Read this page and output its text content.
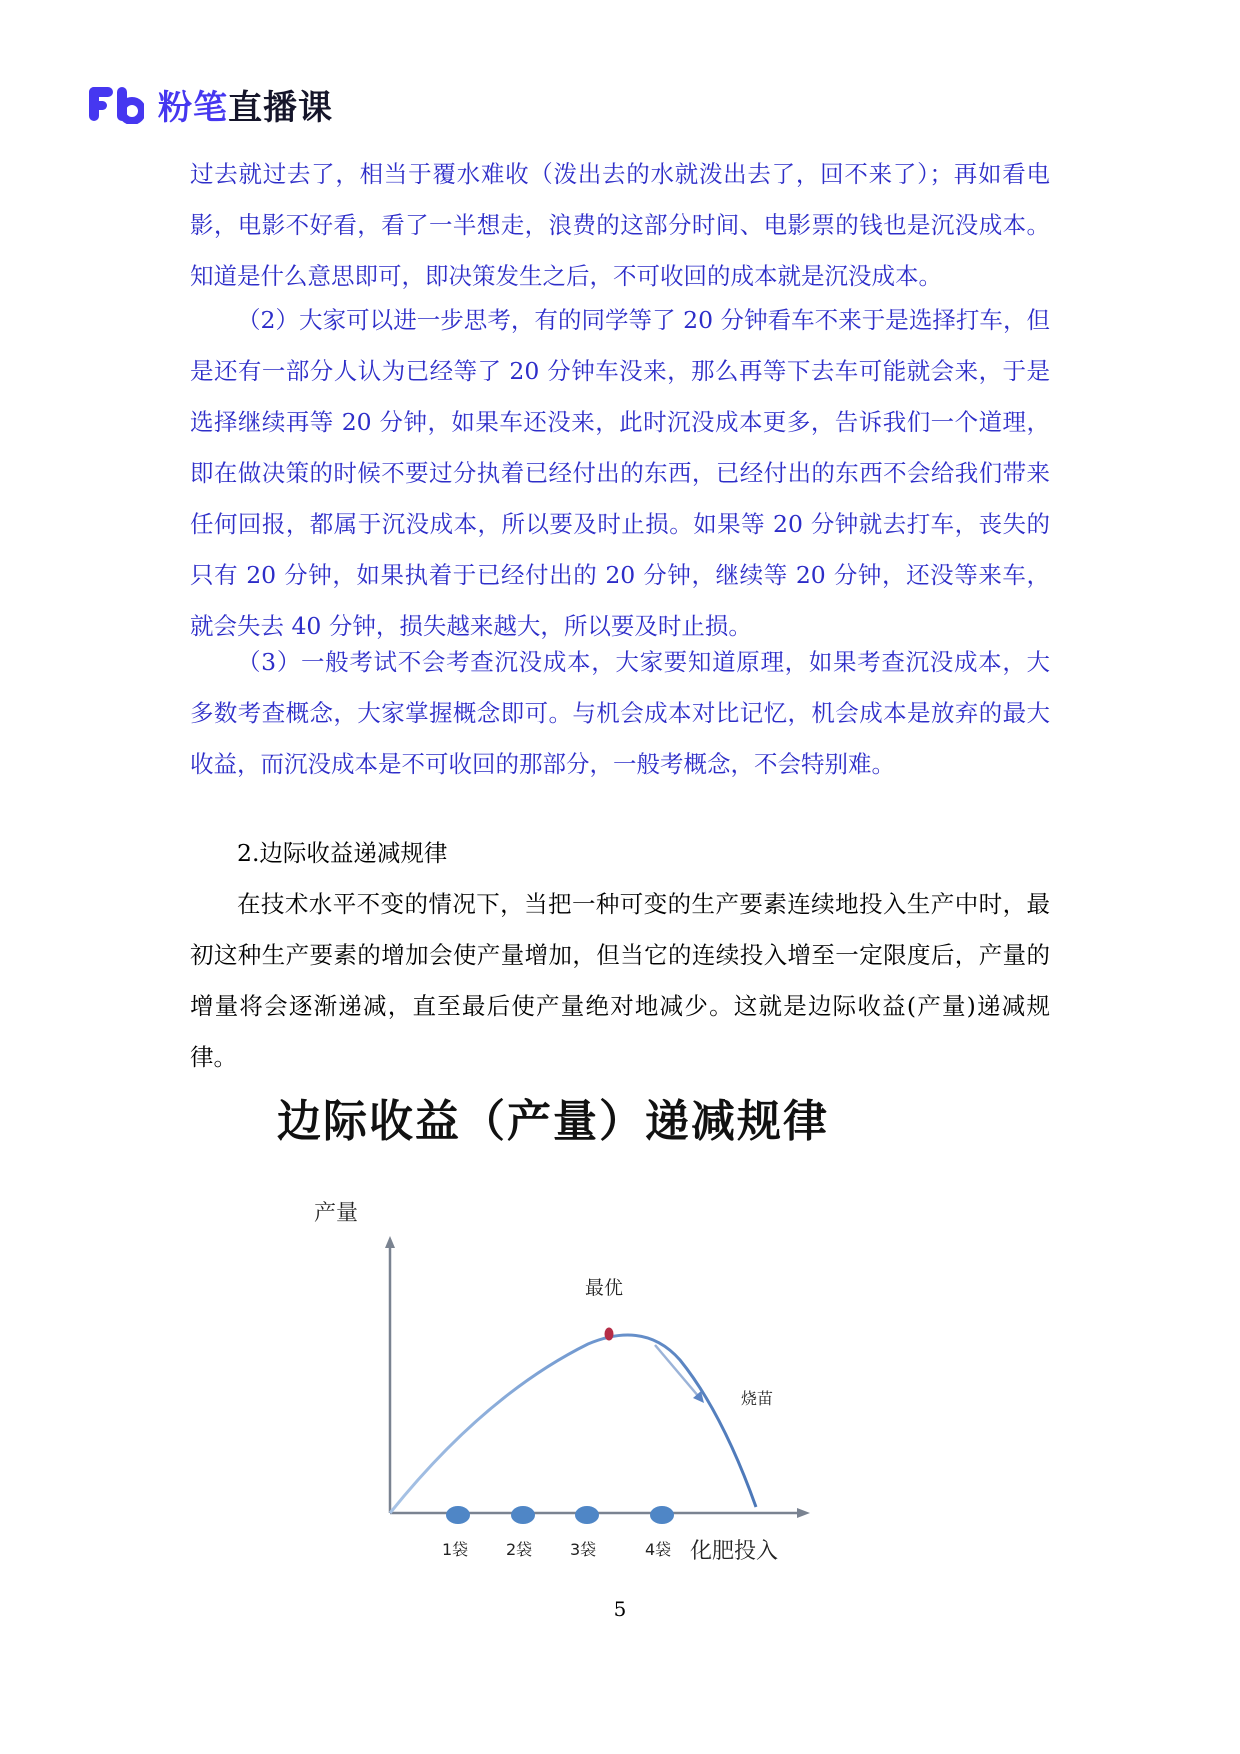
粉笔 直播课

过去就过去了，相当于覆水难收（泼出去的水就泼出去了，回不来了）；再如看电影，电影不好看，看了一半想走，浪费的这部分时间、电影票的钱也是沉没成本。知道是什么意思即可，即决策发生之后，不可收回的成本就是沉没成本。

（2）大家可以进一步思考，有的同学等了 20 分钟看车不来于是选择打车，但是还有一部分人认为已经等了 20 分钟车没来，那么再等下去车可能就会来，于是选择继续再等 20 分钟，如果车还没来，此时沉没成本更多，告诉我们一个道理，即在做决策的时候不要过分执着已经付出的东西，已经付出的东西不会给我们带来任何回报，都属于沉没成本，所以要及时止损。如果等 20 分钟就去打车，丧失的只有 20 分钟，如果执着于已经付出的 20 分钟，继续等 20 分钟，还没等来车，就会失去 40 分钟，损失越来越大，所以要及时止损。

（3）一般考试不会考查沉没成本，大家要知道原理，如果考查沉没成本，大多数考查概念，大家掌握概念即可。与机会成本对比记忆，机会成本是放弃的最大收益，而沉没成本是不可收回的那部分，一般考概念，不会特别难。

2.边际收益递减规律

在技术水平不变的情况下，当把一种可变的生产要素连续地投入生产中时，最初这种生产要素的增加会使产量增加，但当它的连续投入增至一定限度后，产量的增量将会逐渐递减，直至最后使产量绝对地减少。这就是边际收益(产量)递减规律。

边际收益（产量）递减规律

产量
烧苗
最优
1袋 2袋 3袋	4袋 化肥投入

5
